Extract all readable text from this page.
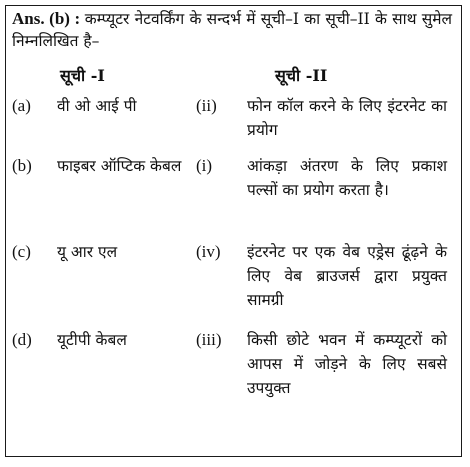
Ans. (b) : कम्प्यूटर नेटवर्किंग के सन्दर्भ में सूची–I का सूची–II के साथ सुमेल निम्नलिखित है–
सूची -I	सूची -II
(a) वी ओ आई पी	(ii)	फोन कॉल करने के लिए इंटरनेट का प्रयोग
(b) फाइबर ऑप्टिक केबल (i)	आंकड़ा अंतरण के लिए प्रकाश पल्सों का प्रयोग करता है।
(c) यू आर एल	(iv)	इंटरनेट पर एक वेब एड्रेस ढूंढ़ने के लिए वेब ब्राउजर्स द्वारा प्रयुक्त सामग्री
(d) यूटीपी केबल	(iii)	किसी छोटे भवन में कम्प्यूटरों को आपस में जोड़ने के लिए सबसे उपयुक्त
